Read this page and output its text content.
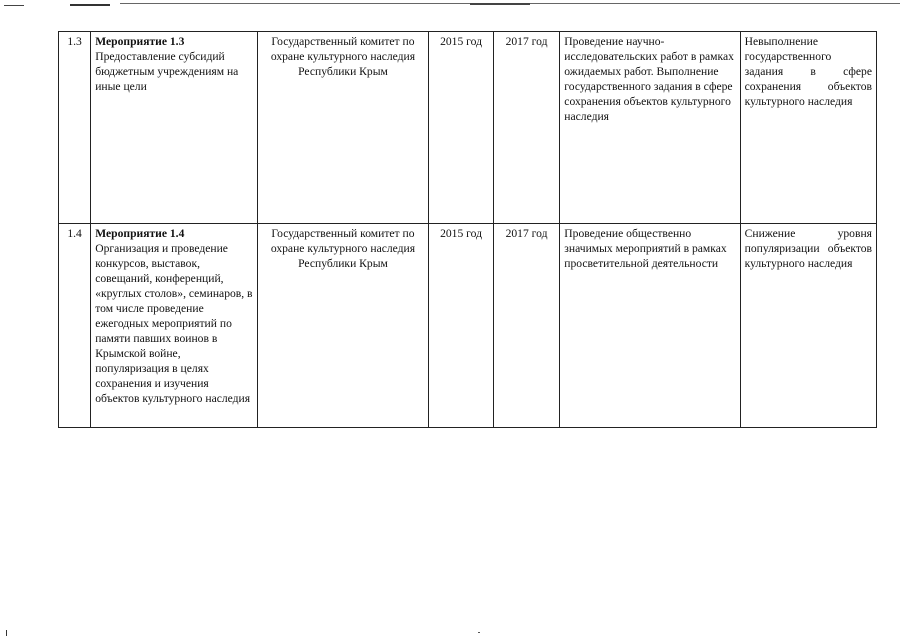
1.3	Мероприятие 1.3
Предоставление субсидий бюджетным учреждениям на иные цели	Государственный комитет по охране культурного наследия Республики Крым	2015 год	2017 год	Проведение научно-исследовательских работ в рамках ожидаемых работ. Выполнение государственного задания в сфере сохранения объектов культурного наследия	Невыполнение государственного задания в сфере сохранения объектов культурного наследия
1.4	Мероприятие 1.4
Организация и проведение конкурсов, выставок, совещаний, конференций, «круглых столов», семинаров, в том числе проведение ежегодных мероприятий по памяти павших воинов в Крымской войне, популяризация в целях сохранения и изучения объектов культурного наследия	Государственный комитет по охране культурного наследия Республики Крым	2015 год	2017 год	Проведение общественно значимых мероприятий в рамках просветительной деятельности	Снижение уровня популяризации объектов культурного наследия
